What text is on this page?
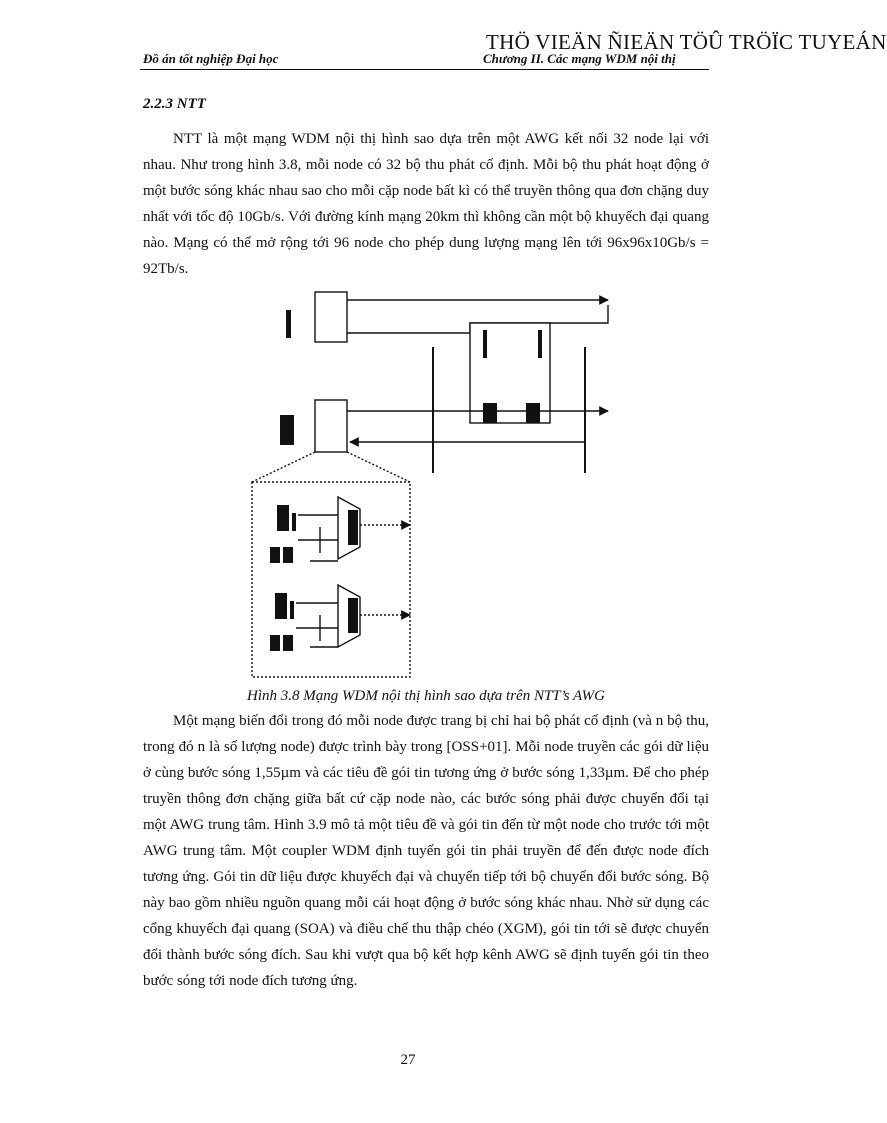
THÖ VIEÄN ÑIEÄN TÖÛ TRÖÏC TUYEÁN
Đồ án tốt nghiệp Đại học	Chương II. Các mạng WDM nội thị
2.2.3 NTT

NTT là một mạng WDM nội thị hình sao dựa trên một AWG kết nối 32 node lại với nhau. Như trong hình 3.8, mỗi node có 32 bộ thu phát cố định. Mỗi bộ thu phát hoạt động ở một bước sóng khác nhau sao cho mỗi cặp node bất kì có thể truyền thông qua đơn chặng duy nhất với tốc độ 10Gb/s. Với đường kính mạng 20km thì không cần một bộ khuyếch đại quang nào. Mạng có thể mở rộng tới 96 node cho phép dung lượng mạng lên tới 96x96x10Gb/s = 92Tb/s.

Hình 3.8 Mạng WDM nội thị hình sao dựa trên NTT’s AWG

Một mạng biến đổi trong đó mỗi node được trang bị chỉ hai bộ phát cố định (và n bộ thu, trong đó n là số lượng node) được trình bày trong [OSS+01]. Mỗi node truyền các gói dữ liệu ở cùng bước sóng 1,55µm và các tiêu đề gói tin tương ứng ở bước sóng 1,33µm. Để cho phép truyền thông đơn chặng giữa bất cứ cặp node nào, các bước sóng phải được chuyển đổi tại một AWG trung tâm. Hình 3.9 mô tả một tiêu đề và gói tin đến từ một node cho trước tới một AWG trung tâm. Một coupler WDM định tuyến gói tin phải truyền để đến được node đích tương ứng. Gói tin dữ liệu được khuyếch đại và chuyển tiếp tới bộ chuyển đổi bước sóng. Bộ này bao gồm nhiều nguồn quang mỗi cái hoạt động ở bước sóng khác nhau. Nhờ sử dụng các cổng khuyếch đại quang (SOA) và điều chế thu thập chéo (XGM), gói tin tới sẽ được chuyển đổi thành bước sóng đích. Sau khi vượt qua bộ kết hợp kênh AWG sẽ định tuyến gói tin theo bước sóng tới node đích tương ứng.

27
